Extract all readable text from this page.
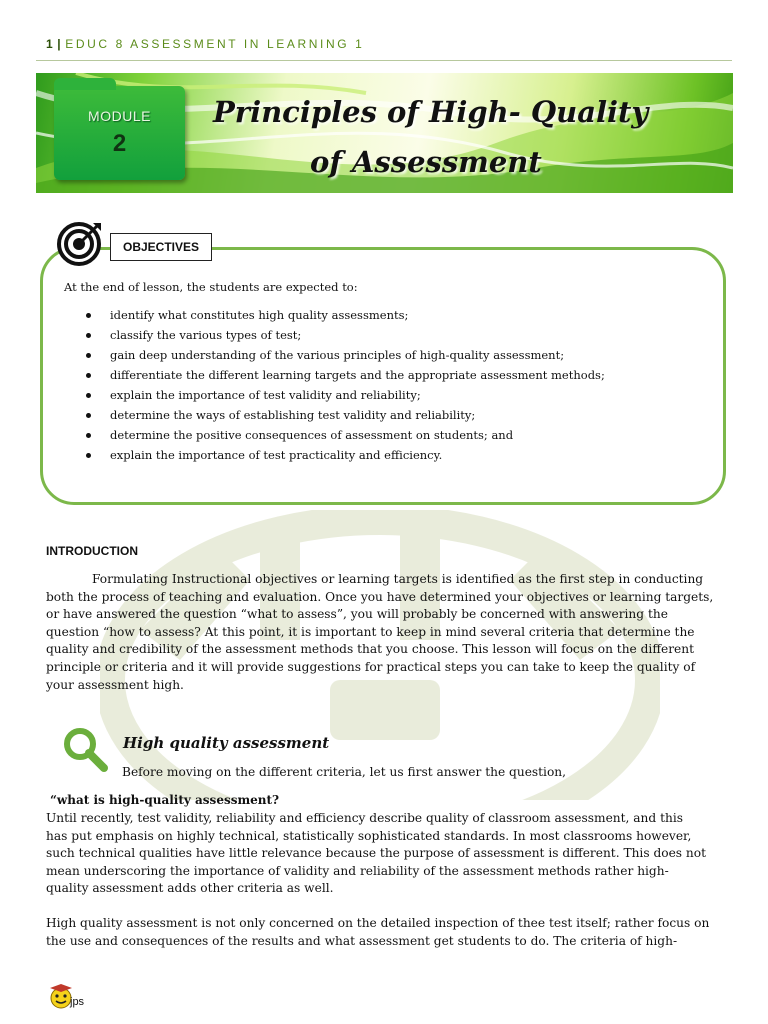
1 | EDUC 8 ASSESSMENT IN LEARNING 1
MODULE
2
Principles of High- Quality
of Assessment
OBJECTIVES
At the end of lesson, the students are expected to:
identify what constitutes high quality assessments;
classify the various types of test;
gain deep understanding of the various principles of high-quality assessment;
differentiate the different learning targets and the appropriate assessment methods;
explain the importance of test validity and reliability;
determine the ways of establishing test validity and reliability;
determine the positive consequences of assessment on students; and
explain the importance of test practicality and efficiency.
INTRODUCTION

Formulating Instructional objectives or learning targets is identified as the first step in conducting
both the process of teaching and evaluation. Once you have determined your objectives or learning targets,
or have answered the question “what to assess”, you will probably be concerned with answering the
question “how to assess? At this point, it is important to keep in mind several criteria that determine the
quality and credibility of the assessment methods that you choose. This lesson will focus on the different
principle or criteria and it will provide suggestions for practical steps you can take to keep the quality of
your assessment high.

High quality assessment
Before moving on the different criteria, let us first answer the question,
“what is high-quality assessment?

Until recently, test validity, reliability and efficiency describe quality of classroom assessment, and this
has put emphasis on highly technical, statistically sophisticated standards. In most classrooms however,
such technical qualities have little relevance because the purpose of assessment is different. This does not
mean underscoring the importance of validity and reliability of the assessment methods rather high-
quality assessment adds other criteria as well.

High quality assessment is not only concerned on the detailed inspection of thee test itself; rather focus on
the use and consequences of the results and what assessment get students to do. The criteria of high-

jps
